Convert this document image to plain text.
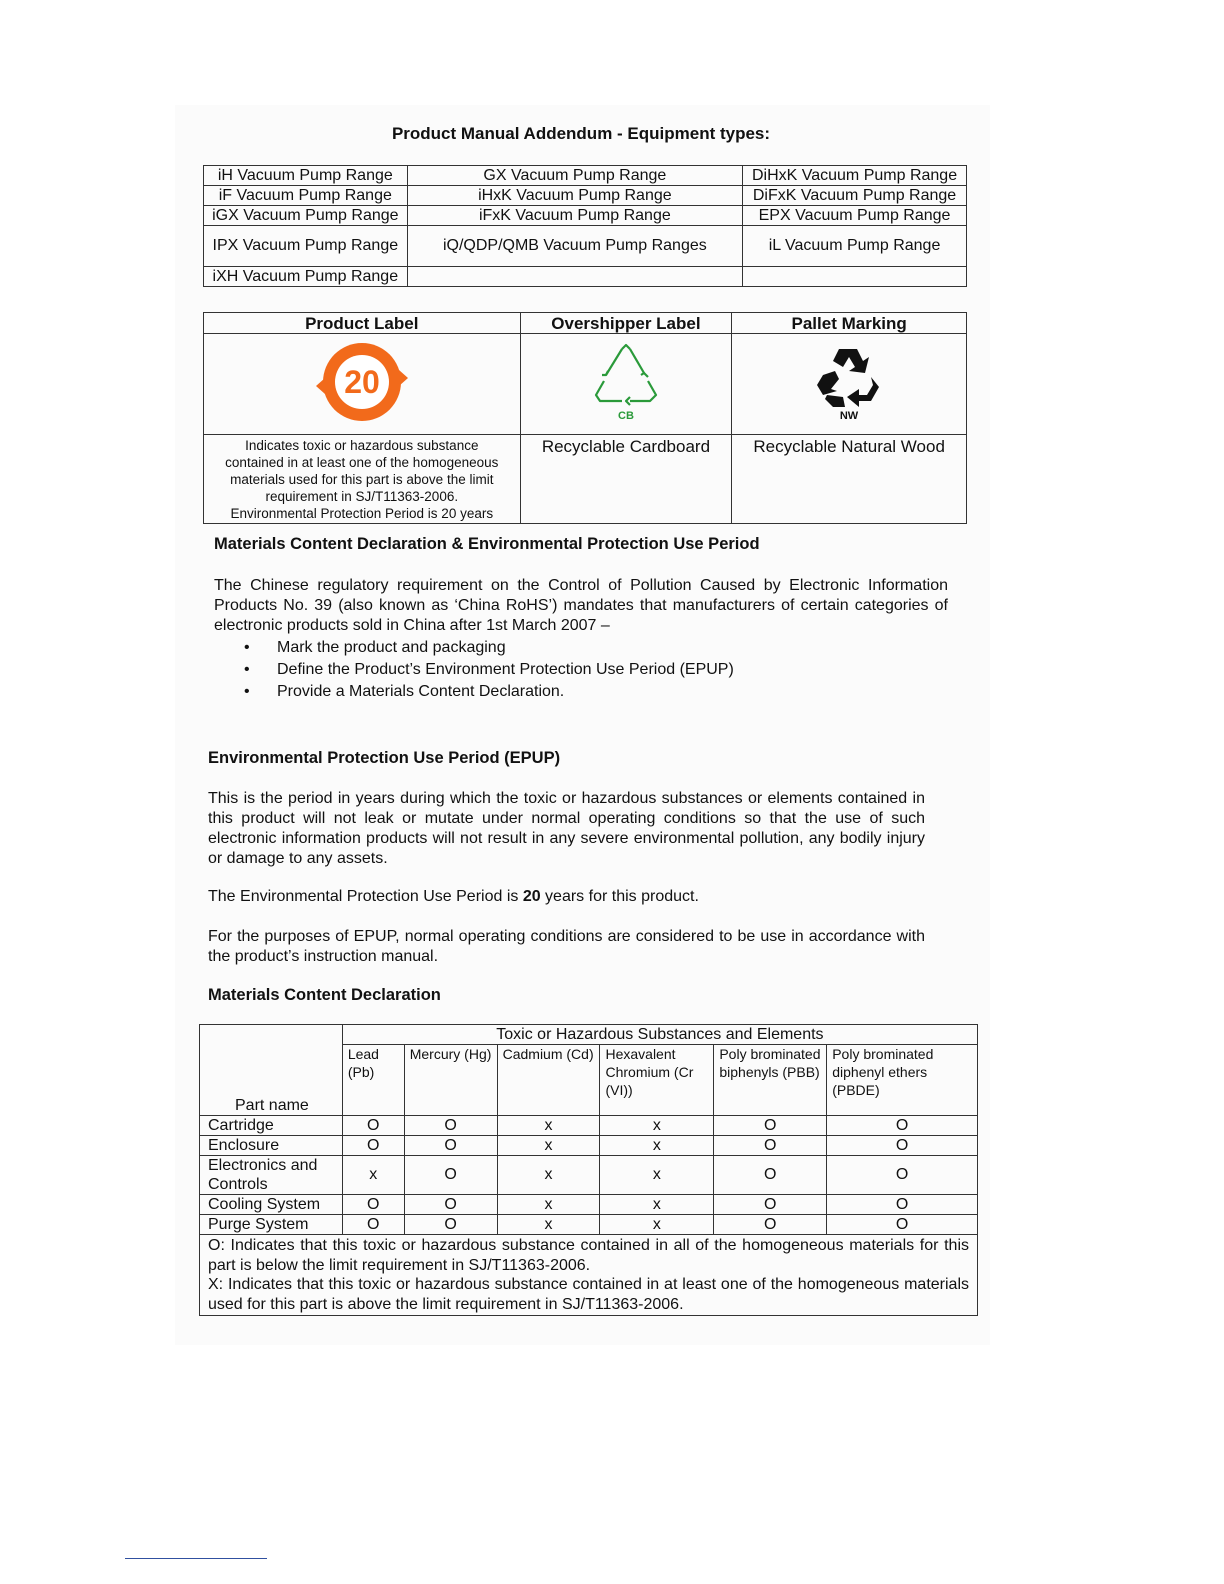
Product Manual Addendum - Equipment types:
iH Vacuum Pump Range	GX Vacuum Pump Range	DiHxK Vacuum Pump Range
iF Vacuum Pump Range	iHxK Vacuum Pump Range	DiFxK Vacuum Pump Range
iGX Vacuum Pump Range	iFxK Vacuum Pump Range	EPX Vacuum Pump Range
IPX Vacuum Pump Range	iQ/QDP/QMB Vacuum Pump Ranges	iL Vacuum Pump Range
iXH Vacuum Pump Range		
Product Label	Overshipper Label	Pallet Marking

20	CB	NW

Indicates toxic or hazardous substance contained in at least one of the homogeneous materials used for this part is above the limit requirement in SJ/T11363-2006.
Environmental Protection Period is 20 years	Recyclable Cardboard	Recyclable Natural Wood
Materials Content Declaration & Environmental Protection Use Period
The Chinese regulatory requirement on the Control of Pollution Caused by Electronic Information Products No. 39 (also known as ‘China RoHS’) mandates that manufacturers of certain categories of electronic products sold in China after 1st March 2007 –
• Mark the product and packaging
• Define the Product’s Environment Protection Use Period (EPUP)
• Provide a Materials Content Declaration.
Environmental Protection Use Period (EPUP)
This is the period in years during which the toxic or hazardous substances or elements contained in this product will not leak or mutate under normal operating conditions so that the use of such electronic information products will not result in any severe environmental pollution, any bodily injury or damage to any assets.
The Environmental Protection Use Period is 20 years for this product.
For the purposes of EPUP, normal operating conditions are considered to be use in accordance with the product’s instruction manual.
Materials Content Declaration
Part name	Toxic or Hazardous Substances and Elements					
	Lead (Pb)	Mercury (Hg)	Cadmium (Cd)	Hexavalent Chromium (Cr (VI))	Poly brominated biphenyls (PBB)	Poly brominated diphenyl ethers (PBDE)
Cartridge	O	O	x	x	O	O
Enclosure	O	O	x	x	O	O
Electronics and Controls	x	O	x	x	O	O
Cooling System	O	O	x	x	O	O
Purge System	O	O	x	x	O	O

O: Indicates that this toxic or hazardous substance contained in all of the homogeneous materials for this part is below the limit requirement in SJ/T11363-2006.
X: Indicates that this toxic or hazardous substance contained in at least one of the homogeneous materials used for this part is above the limit requirement in SJ/T11363-2006.						
